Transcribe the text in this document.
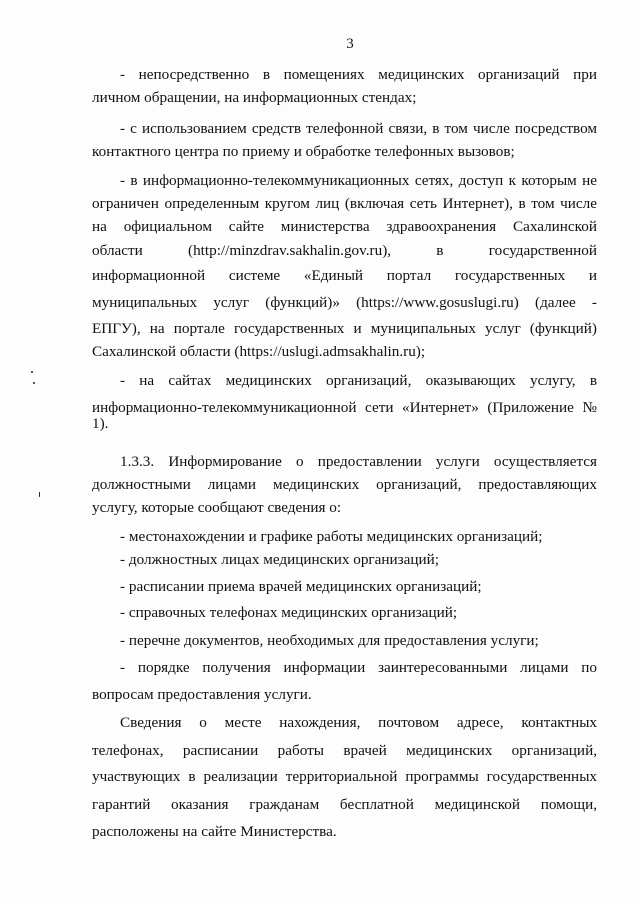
3
- непосредственно в помещениях медицинских организаций при
личном обращении, на информационных стендах;
- с использованием средств телефонной связи, в том числе посредством
контактного центра по приему и обработке телефонных вызовов;
- в информационно-телекоммуникационных сетях, доступ к которым не
ограничен определенным кругом лиц (включая сеть Интернет), в том числе
на официальном сайте министерства здравоохранения Сахалинской
области (http://minzdrav.sakhalin.gov.ru), в государственной
информационной системе «Единый портал государственных и
муниципальных услуг (функций)» (https://www.gosuslugi.ru) (далее -
ЕПГУ), на портале государственных и муниципальных услуг (функций)
Сахалинской области (https://uslugi.admsakhalin.ru);
- на сайтах медицинских организаций, оказывающих услугу, в
информационно-телекоммуникационной сети «Интернет» (Приложение №
1).
1.3.3. Информирование о предоставлении услуги осуществляется
должностными лицами медицинских организаций, предоставляющих
услугу, которые сообщают сведения о:
- местонахождении и графике работы медицинских организаций;
- должностных лицах медицинских организаций;
- расписании приема врачей медицинских организаций;
- справочных телефонах медицинских организаций;
- перечне документов, необходимых для предоставления услуги;
- порядке получения информации заинтересованными лицами по
вопросам предоставления услуги.
Сведения о месте нахождения, почтовом адресе, контактных
телефонах, расписании работы врачей медицинских организаций,
участвующих в реализации территориальной программы государственных
гарантий оказания гражданам бесплатной медицинской помощи,
расположены на сайте Министерства.
